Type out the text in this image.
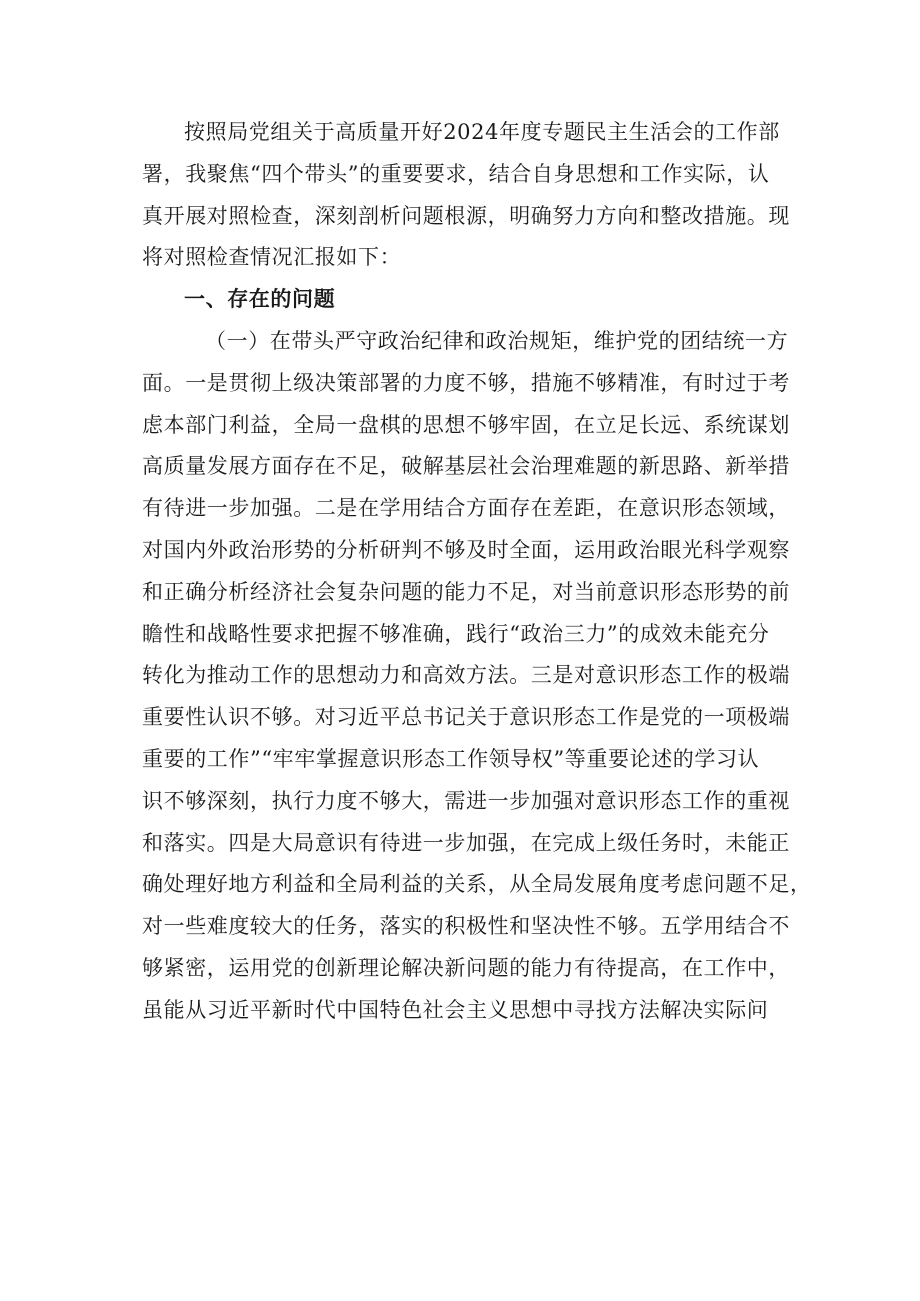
按照局党组关于高质量开好2024年度专题民主生活会的工作部
署，我聚焦“四个带头”的重要要求，结合自身思想和工作实际，认
真开展对照检查，深刻剖析问题根源，明确努力方向和整改措施。现
将对照检查情况汇报如下：
一、存在的问题
（一）在带头严守政治纪律和政治规矩，维护党的团结统一方
面。一是贯彻上级决策部署的力度不够，措施不够精准，有时过于考
虑本部门利益，全局一盘棋的思想不够牢固，在立足长远、系统谋划
高质量发展方面存在不足，破解基层社会治理难题的新思路、新举措
有待进一步加强。二是在学用结合方面存在差距，在意识形态领域，
对国内外政治形势的分析研判不够及时全面，运用政治眼光科学观察
和正确分析经济社会复杂问题的能力不足，对当前意识形态形势的前
瞻性和战略性要求把握不够准确，践行“政治三力”的成效未能充分
转化为推动工作的思想动力和高效方法。三是对意识形态工作的极端
重要性认识不够。对习近平总书记关于意识形态工作是党的一项极端
重要的工作”“牢牢掌握意识形态工作领导权”等重要论述的学习认
识不够深刻，执行力度不够大，需进一步加强对意识形态工作的重视
和落实。四是大局意识有待进一步加强，在完成上级任务时，未能正
确处理好地方利益和全局利益的关系，从全局发展角度考虑问题不足，
对一些难度较大的任务，落实的积极性和坚决性不够。五学用结合不
够紧密，运用党的创新理论解决新问题的能力有待提高，在工作中，
虽能从习近平新时代中国特色社会主义思想中寻找方法解决实际问
